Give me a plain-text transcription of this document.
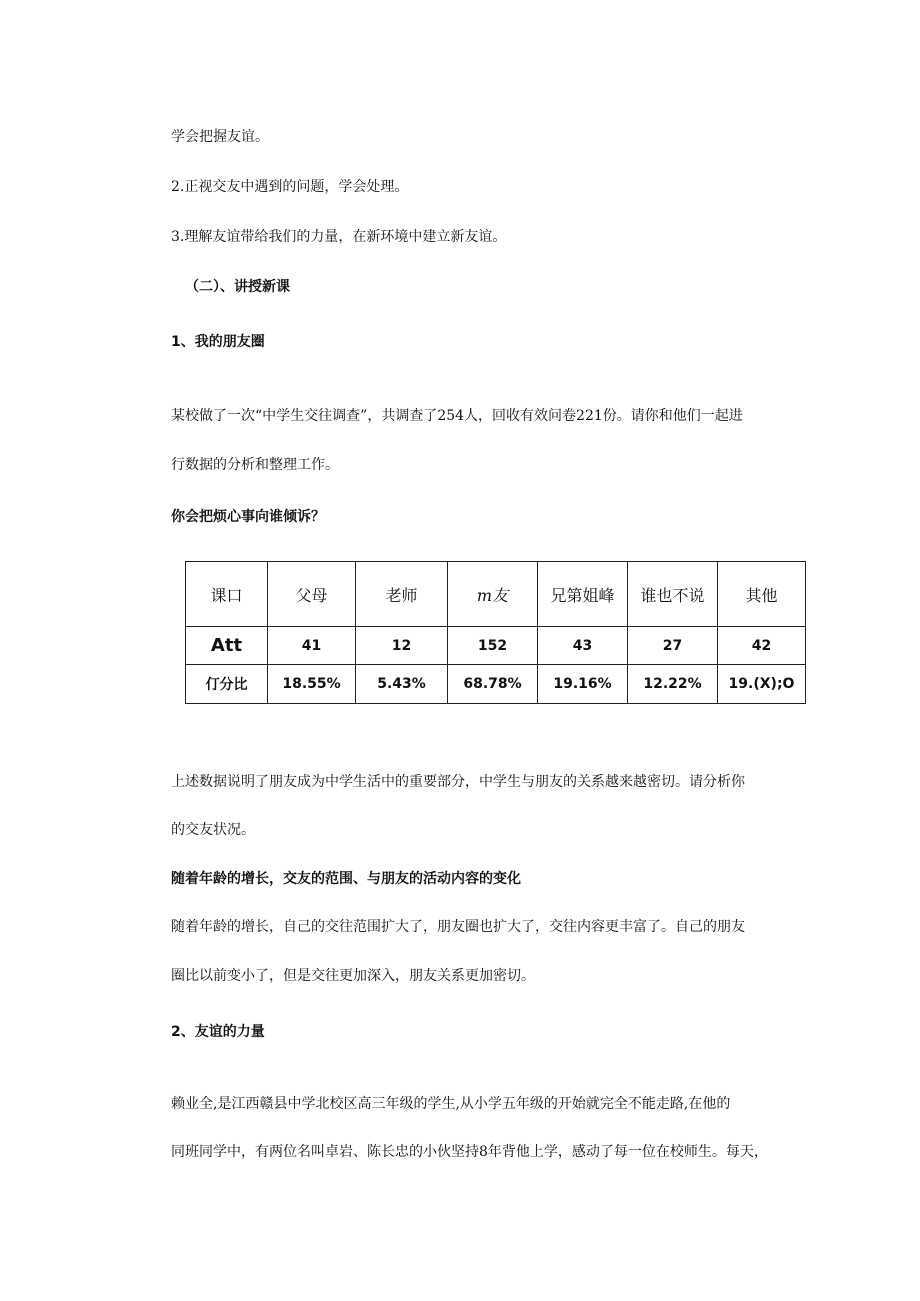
学会把握友谊。

2.正视交友中遇到的问题，学会处理。

3.理解友谊带给我们的力量，在新环境中建立新友谊。

（二）、讲授新课

1、我的朋友圈

某校做了一次“中学生交往调查”，共调查了254人，回收有效问卷221份。请你和他们一起进

行数据的分析和整理工作。

你会把烦心事向谁倾诉？

课口	父母	老师	m友	兄第姐峰	谁也不说	其他
Att	41	12	152	43	27	42
仃分比	18.55%	5.43%	68.78%	19.16%	12.22%	19.(X);O

上述数据说明了朋友成为中学生活中的重要部分，中学生与朋友的关系越来越密切。请分析你

的交友状况。

随着年龄的增长，交友的范围、与朋友的活动内容的变化

随着年龄的增长，自己的交往范围扩大了，朋友圈也扩大了，交往内容更丰富了。自己的朋友

圈比以前变小了，但是交往更加深入，朋友关系更加密切。

2、友谊的力量

赖业全,是江西赣县中学北校区高三年级的学生,从小学五年级的开始就完全不能走路,在他的

同班同学中，有两位名叫卓岩、陈长忠的小伙坚持8年背他上学，感动了每一位在校师生。每天，
